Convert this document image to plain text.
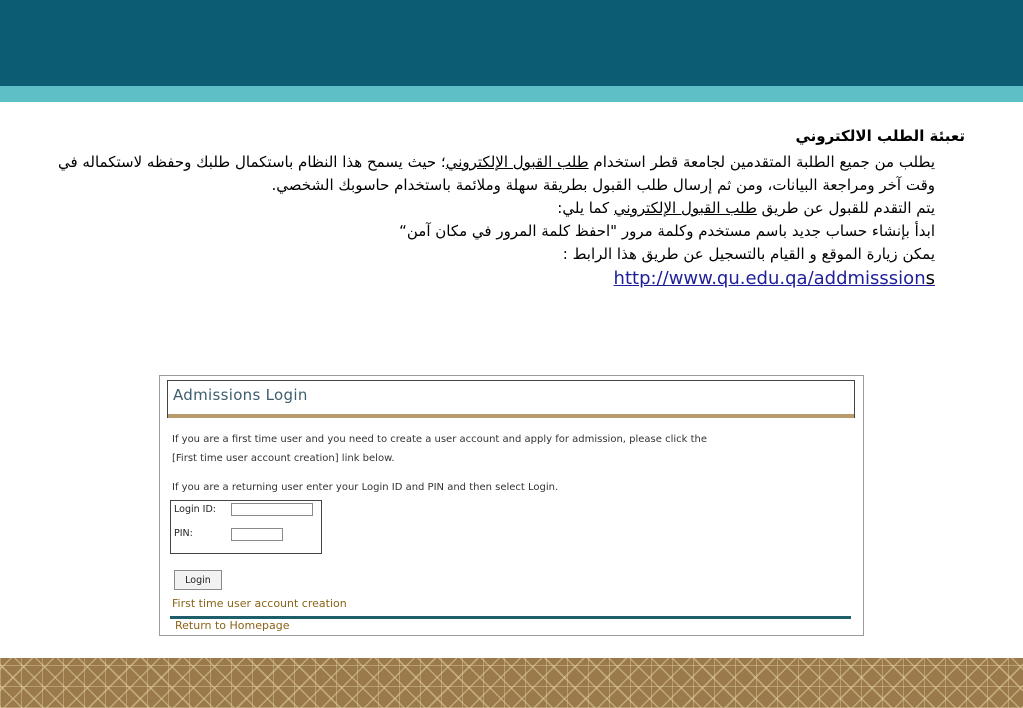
تعبئة الطلب الالكتروني

يطلب من جميع الطلبة المتقدمين لجامعة قطر استخدام طلب القبول الإلكتروني؛ حيث يسمح هذا النظام باستكمال طلبك وحفظه لاستكماله في وقت آخر ومراجعة البيانات، ومن ثم إرسال طلب القبول بطريقة سهلة وملائمة باستخدام حاسوبك الشخصي.

يتم التقدم للقبول عن طريق طلب القبول الإلكتروني كما يلي:

ابدأ بإنشاء حساب جديد باسم مستخدم وكلمة مرور "احفظ كلمة المرور في مكان آمن“

يمكن زيارة الموقع و القيام بالتسجيل عن طريق هذا الرابط :

http://www.qu.edu.qa/addmisssions

Admissions Login
If you are a first time user and you need to create a user account and apply for admission, please click the
[First time user account creation] link below.
If you are a returning user enter your Login ID and PIN and then select Login.
Login ID:
PIN:
Login
First time user account creation
Return to Homepage
